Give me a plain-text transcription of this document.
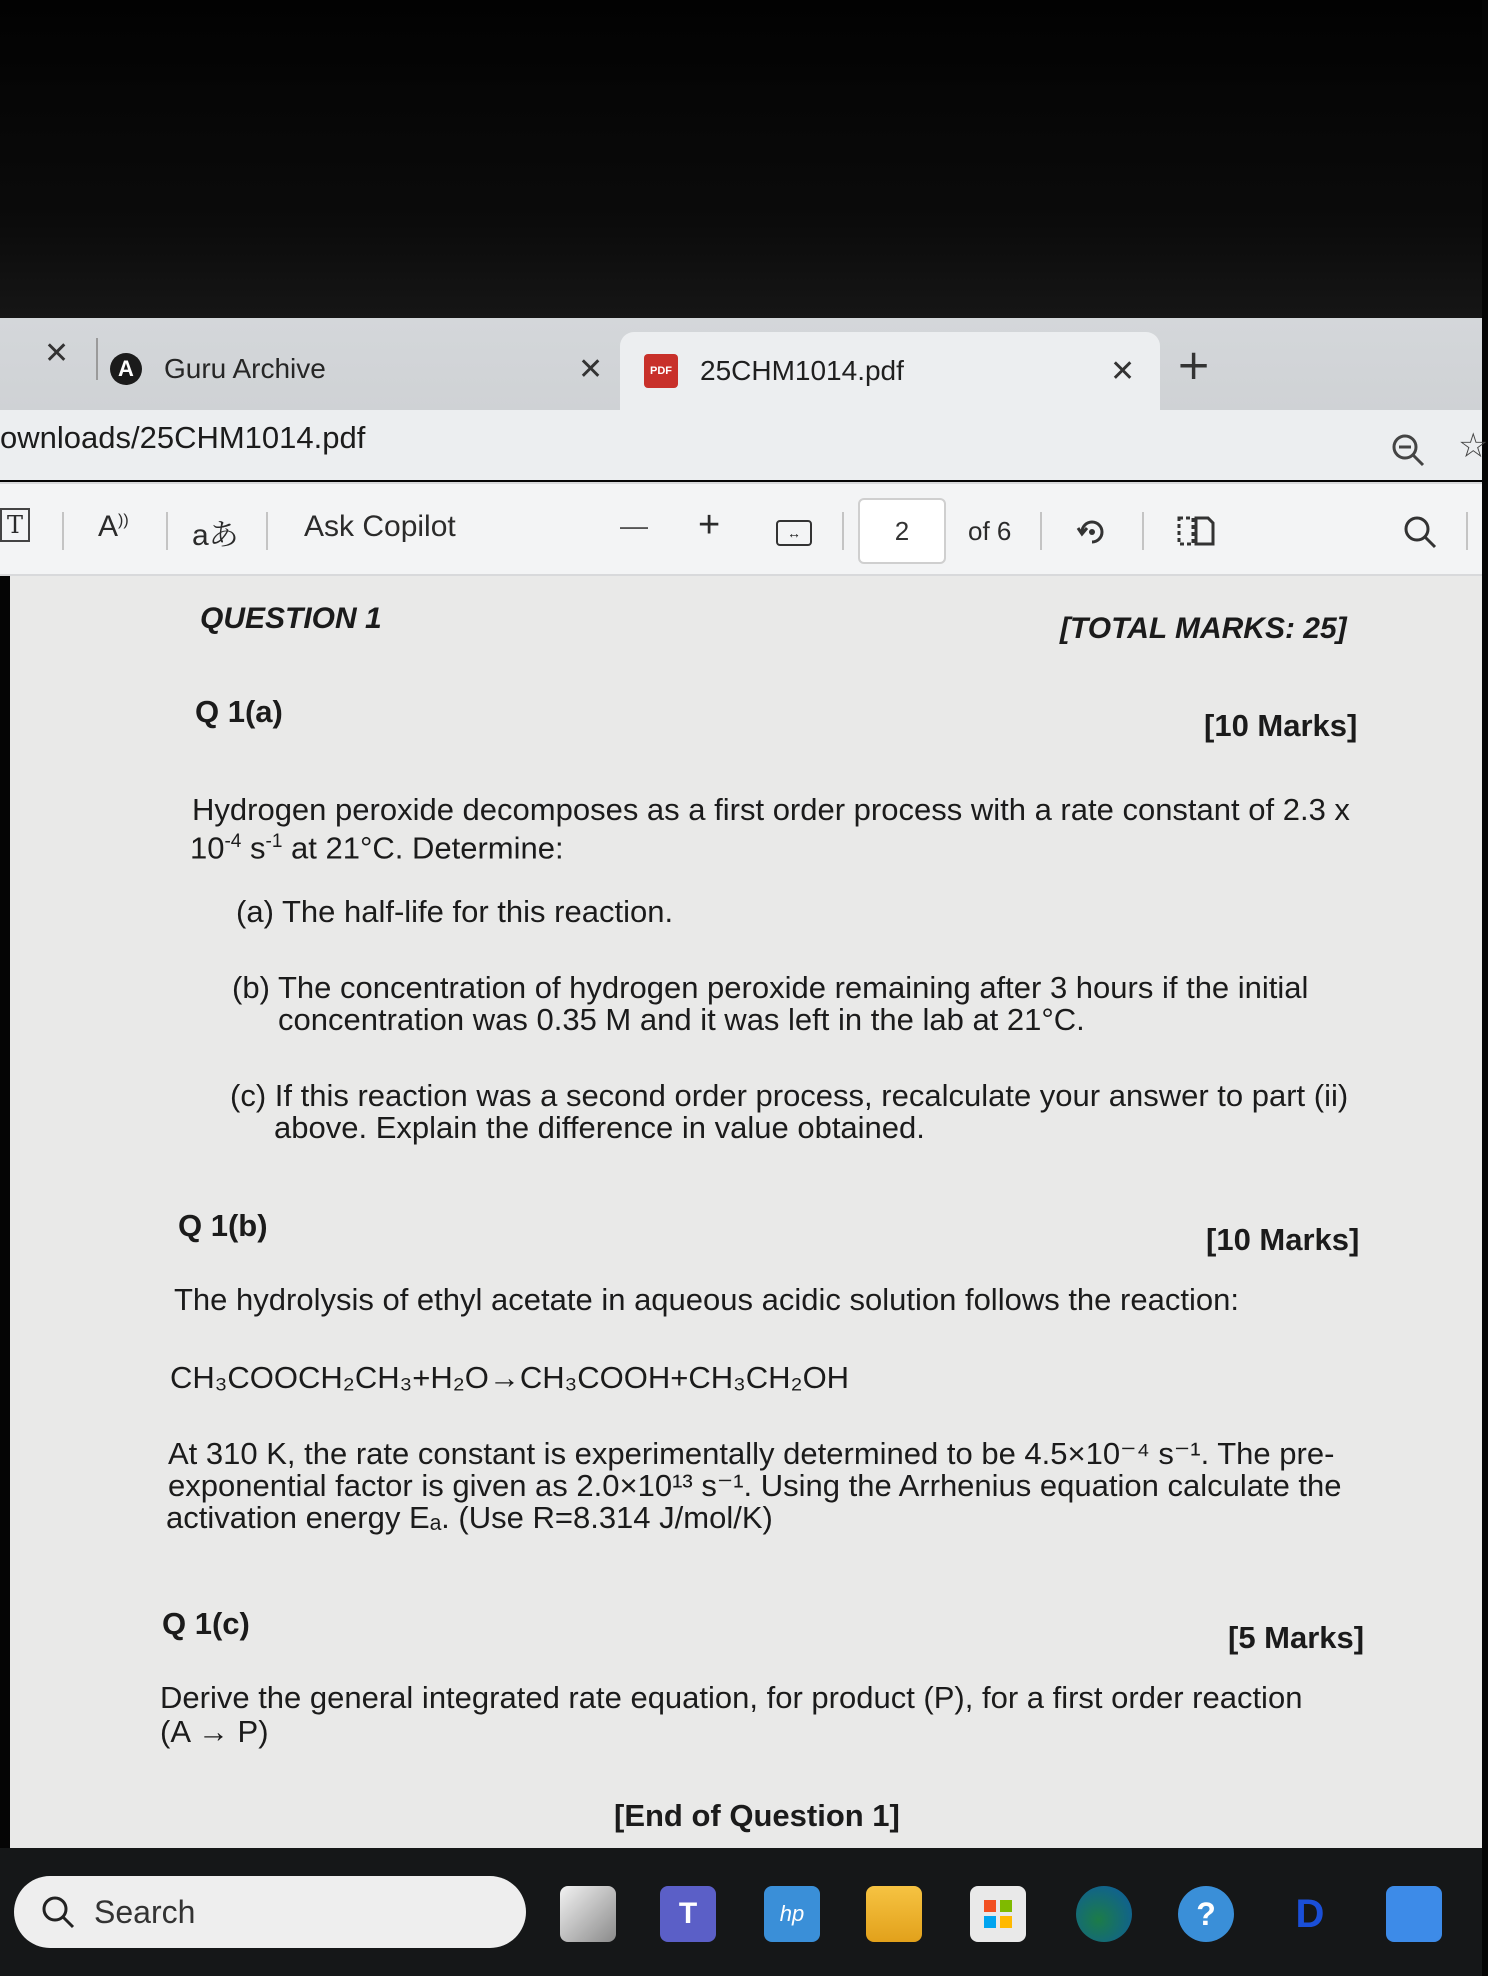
✕	A Guru Archive	✕	PDF 25CHM1014.pdf	✕ +
ownloads/25CHM1014.pdf	☆
T	A)) aあ Ask Copilot	— +	↔	2	of 6
QUESTION 1	[TOTAL MARKS: 25]
Q 1(a)	[10 Marks]
Hydrogen peroxide decomposes as a first order process with a rate constant of 2.3 x
$10^{-4}$ $s^{-1}$ at 21°C. Determine:
(a) The half-life for this reaction.
(b) The concentration of hydrogen peroxide remaining after 3 hours if the initial
concentration was 0.35 M and it was left in the lab at 21°C.
(c) If this reaction was a second order process, recalculate your answer to part (ii)
above. Explain the difference in value obtained.
Q 1(b)	[10 Marks]
The hydrolysis of ethyl acetate in aqueous acidic solution follows the reaction:
CH₃COOCH₂CH₃+H₂O→CH₃COOH+CH₃CH₂OH
At 310 K, the rate constant is experimentally determined to be 4.5×10⁻⁴ s⁻¹. The pre-
exponential factor is given as 2.0×10¹³ s⁻¹. Using the Arrhenius equation calculate the
activation energy Eₐ. (Use R=8.314 J/mol/K)
Q 1(c)	[5 Marks]
Derive the general integrated rate equation, for product (P), for a first order reaction
(A → P)
[End of Question 1]
Search	T	hp	?	D
